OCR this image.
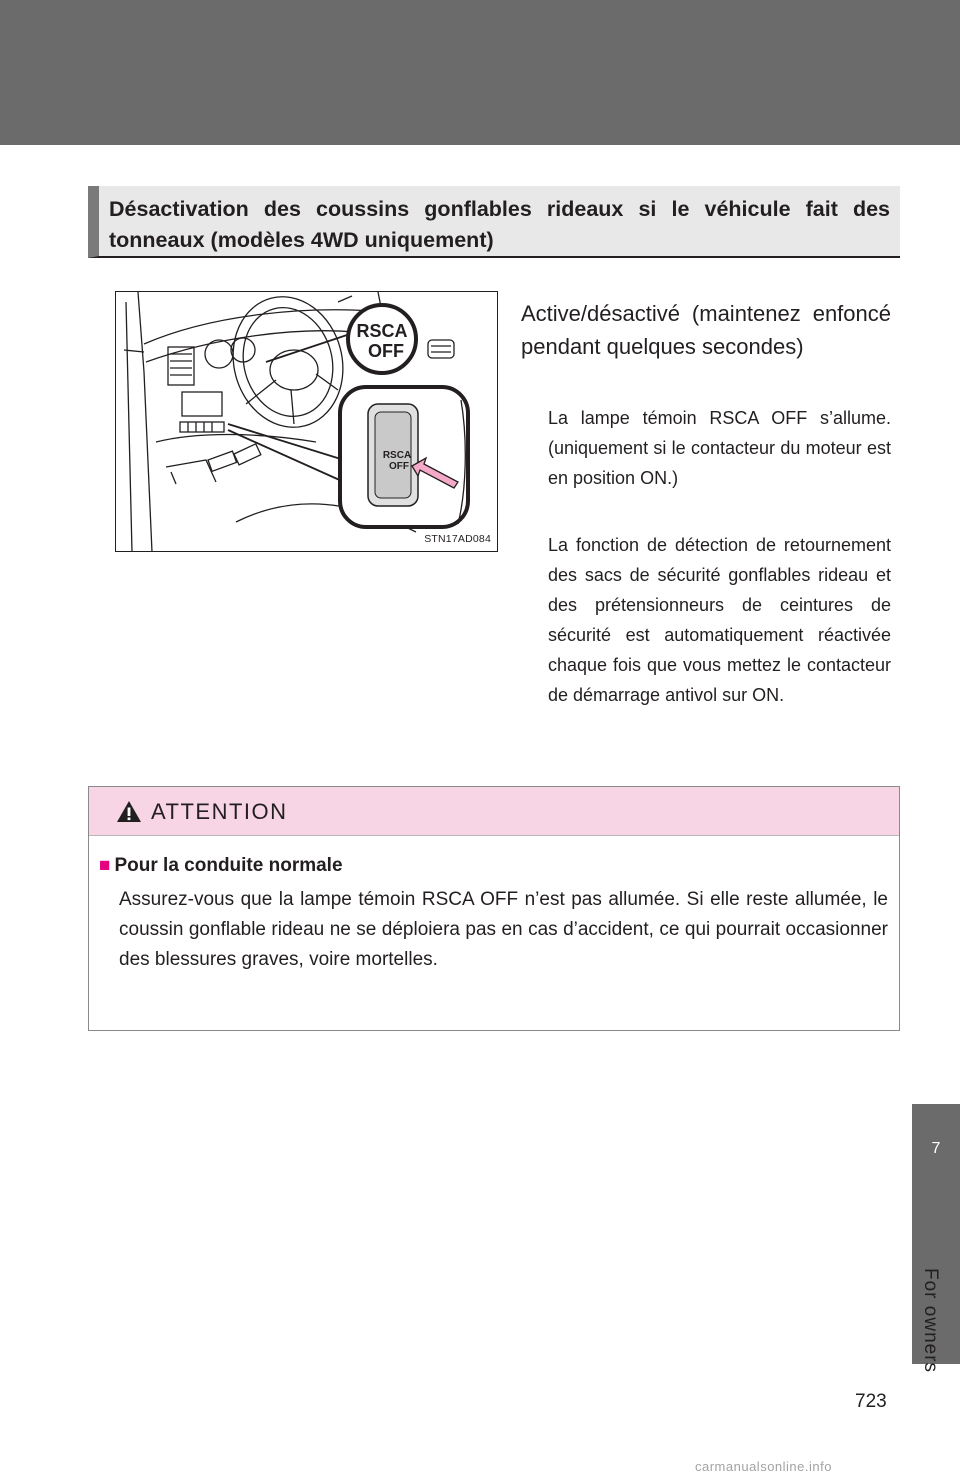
Désactivation des coussins gonflables rideaux si le véhicule fait des tonneaux (modèles 4WD uniquement)
RSCA
OFF
RSCA
OFF
STN17AD084
Active/désactivé (maintenez enfoncé pendant quelques secondes)
La lampe témoin RSCA OFF s’allume. (uniquement si le contacteur du moteur est en position ON.)
La fonction de détection de retournement des sacs de sécurité gonflables rideau et des prétensionneurs de ceintures de sécurité est automatiquement réactivée chaque fois que vous mettez le contacteur de démarrage antivol sur ON.
ATTENTION
■ Pour la conduite normale
Assurez-vous que la lampe témoin RSCA OFF n’est pas allumée. Si elle reste allumée, le coussin gonflable rideau ne se déploiera pas en cas d’accident, ce qui pourrait occasionner des blessures graves, voire mortelles.
7
For owners
723
carmanualsonline.info
